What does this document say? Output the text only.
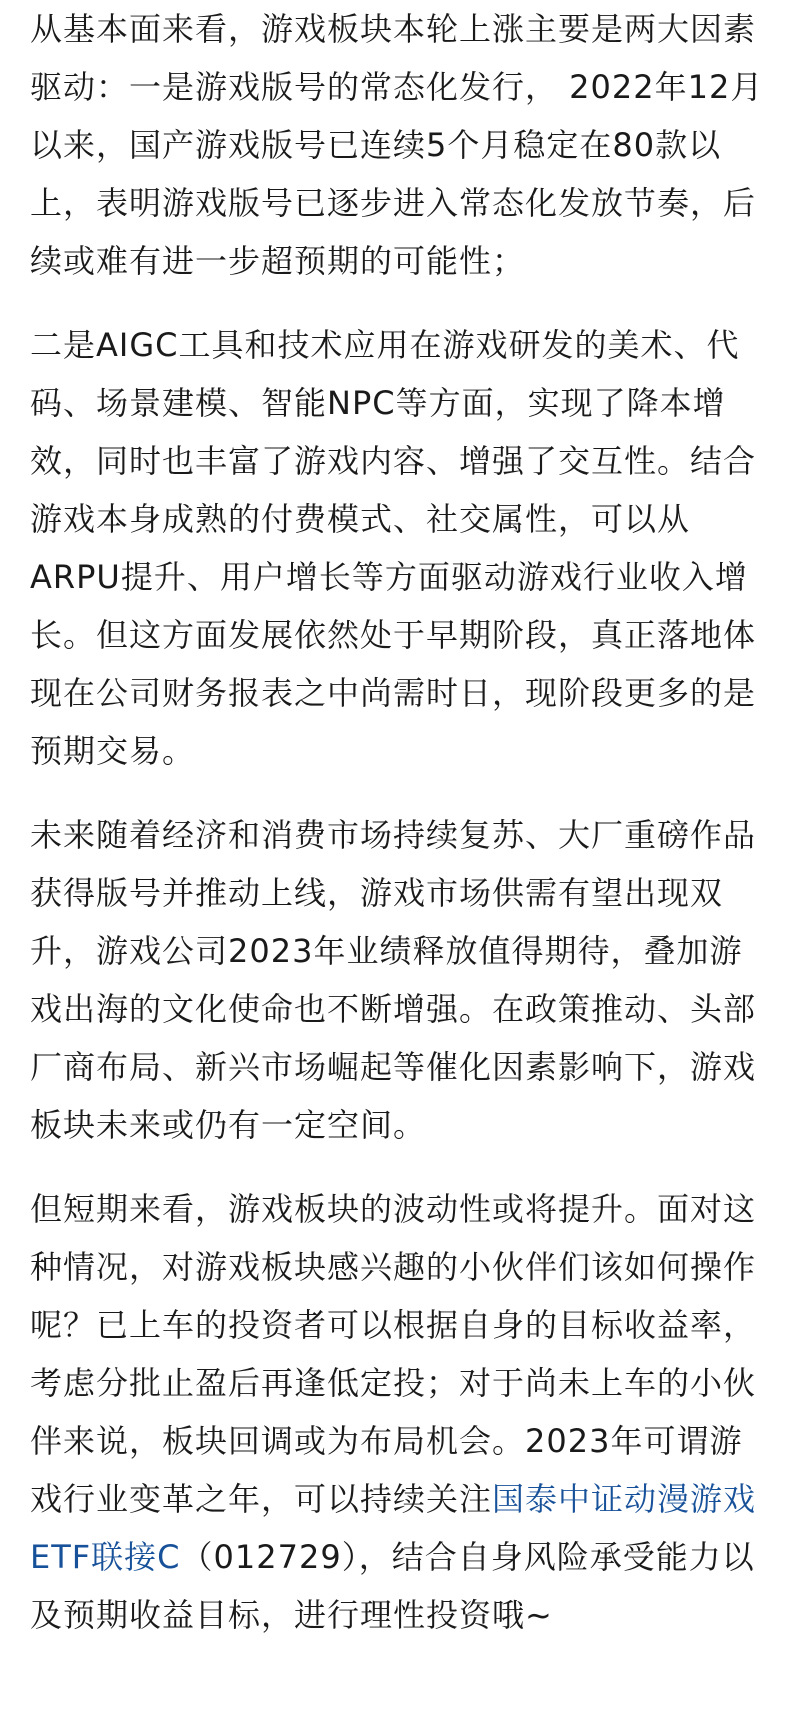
从基本面来看，游戏板块本轮上涨主要是两大因素驱动：一是游戏版号的常态化发行， 2022年12月以来，国产游戏版号已连续5个月稳定在80款以上，表明游戏版号已逐步进入常态化发放节奏，后续或难有进一步超预期的可能性；

二是AIGC工具和技术应用在游戏研发的美术、代码、场景建模、智能NPC等方面，实现了降本增效，同时也丰富了游戏内容、增强了交互性。结合游戏本身成熟的付费模式、社交属性，可以从ARPU提升、用户增长等方面驱动游戏行业收入增长。但这方面发展依然处于早期阶段，真正落地体现在公司财务报表之中尚需时日，现阶段更多的是预期交易。

未来随着经济和消费市场持续复苏、大厂重磅作品获得版号并推动上线，游戏市场供需有望出现双升，游戏公司2023年业绩释放值得期待，叠加游戏出海的文化使命也不断增强。在政策推动、头部厂商布局、新兴市场崛起等催化因素影响下，游戏板块未来或仍有一定空间。

但短期来看，游戏板块的波动性或将提升。面对这种情况，对游戏板块感兴趣的小伙伴们该如何操作呢？已上车的投资者可以根据自身的目标收益率，考虑分批止盈后再逢低定投；对于尚未上车的小伙伴来说，板块回调或为布局机会。2023年可谓游戏行业变革之年，可以持续关注国泰中证动漫游戏ETF联接C（012729），结合自身风险承受能力以及预期收益目标，进行理性投资哦~
